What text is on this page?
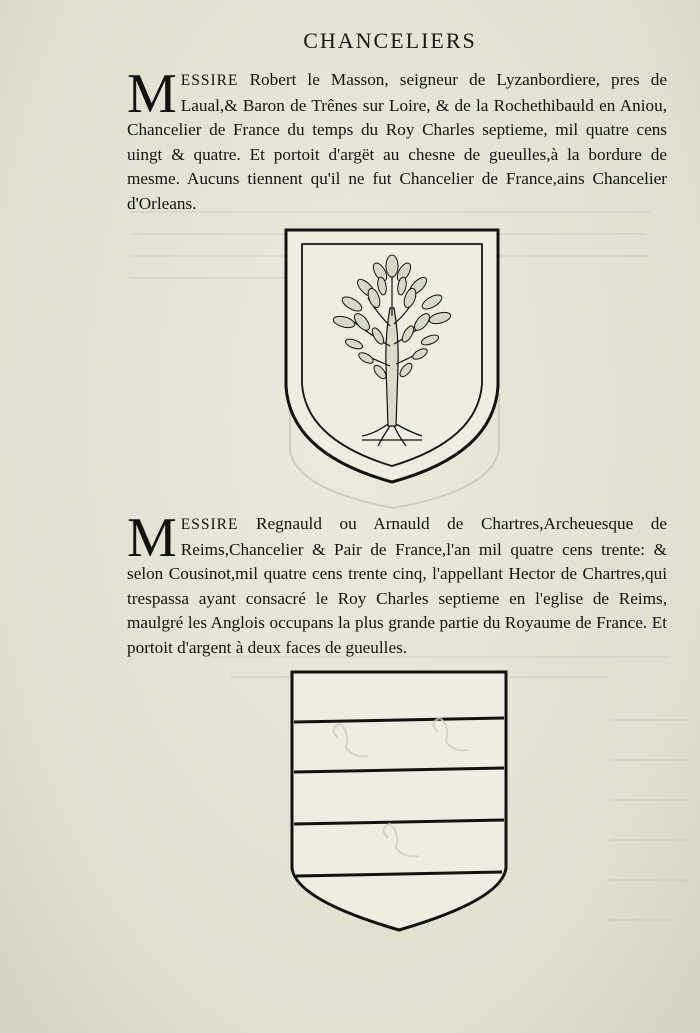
CHANCELIERS
MESSIRE Robert le Masson, seigneur de Lyzanbordiere, pres de Laual,& Baron de Trênes sur Loire, & de la Rochethibauld en Aniou, Chancelier de France du temps du Roy Charles septieme, mil quatre cens uingt & quatre. Et portoit d'argët au chesne de gueulles,à la bordure de mesme. Aucuns tiennent qu'il ne fut Chancelier de France,ains Chancelier d'Orleans.
MESSIRE Regnauld ou Arnauld de Chartres,Archeuesque de Reims,Chancelier & Pair de France,l'an mil quatre cens trente: & selon Cousinot,mil quatre cens trente cinq, l'appellant Hector de Chartres,qui trespassa ayant consacré le Roy Charles septieme en l'eglise de Reims, maulgré les Anglois occupans la plus grande partie du Royaume de France. Et portoit d'argent à deux faces de gueulles.
